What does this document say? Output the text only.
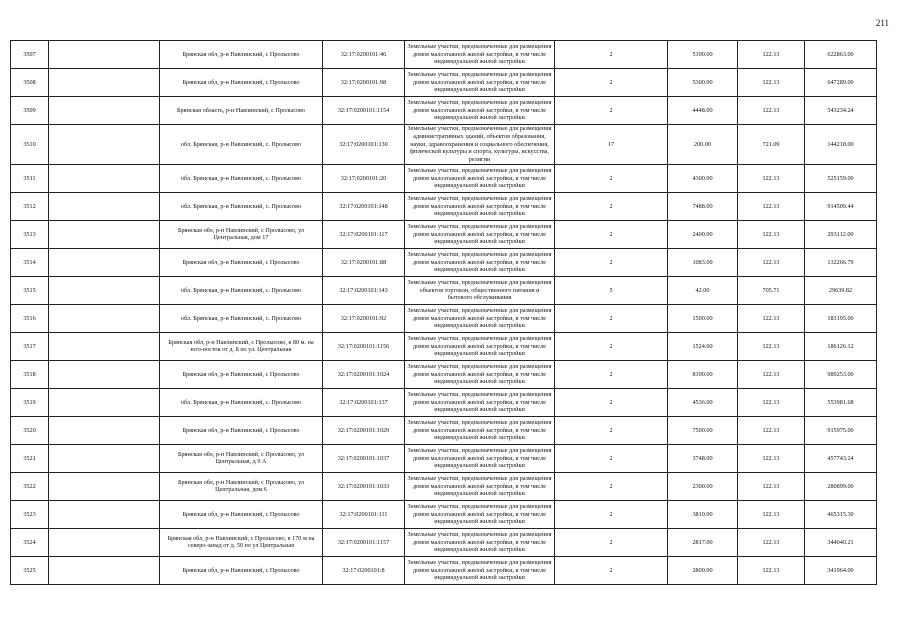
211
3507		Брянская обл, р-н Навлинский, с Пролысово	32:17:0200101:46	Земельные участки, предназначенные для размещения домов малоэтажной жилой застройки, в том числе индивидуальной жилой застройки	2	5100.00	122.13	622863.00
3508		Брянская обл, р-н Навлинский, с Пролысово	32:17:0200101:98	Земельные участки, предназначенные для размещения домов малоэтажной жилой застройки, в том числе индивидуальной жилой застройки	2	5300.00	122.13	647289.00
3509		Брянская область, р-н Навлинский, с Пролысово	32:17:0200101:1154	Земельные участки, предназначенные для размещения домов малоэтажной жилой застройки, в том числе индивидуальной жилой застройки	2	4448.00	122.13	543234.24
3510		обл. Брянская, р-н Навлинский, с. Пролысово	32:17:0200101:130	Земельные участки, предназначенные для размещения административных зданий, объектов образования, науки, здравоохранения и социального обеспечения, физической культуры и спорта, культуры, искусства, религии	17	200.00	721.09	144218.00
3511		обл. Брянская, р-н Навлинский, с. Пролысово	32:17:0200101:20	Земельные участки, предназначенные для размещения домов малоэтажной жилой застройки, в том числе индивидуальной жилой застройки	2	4300.00	122.13	525159.00
3512		обл. Брянская, р-н Навлинский, с. Пролысово	32:17:0200101:148	Земельные участки, предназначенные для размещения домов малоэтажной жилой застройки, в том числе индивидуальной жилой застройки	2	7488.00	122.13	914509.44
3513		Брянская обл, р-н Навлинский, с Пролысово, ул Центральная, дом 17	32:17:0200101:117	Земельные участки, предназначенные для размещения домов малоэтажной жилой застройки, в том числе индивидуальной жилой застройки	2	2400.00	122.13	293112.00
3514		Брянская обл, р-н Навлинский, с Пролысово	32:17:0200101:88	Земельные участки, предназначенные для размещения домов малоэтажной жилой застройки, в том числе индивидуальной жилой застройки	2	1083.00	122.13	132266.79
3515		обл. Брянская, р-н Навлинский, с. Пролысово	32:17:0200101:143	Земельные участки, предназначенные для размещения объектов торговли, общественного питания и бытового обслуживания	5	42.00	705.71	29639.82
3516		обл. Брянская, р-н Навлинский, с. Пролысово	32:17:0200101:92	Земельные участки, предназначенные для размещения домов малоэтажной жилой застройки, в том числе индивидуальной жилой застройки	2	1500.00	122.13	183195.00
3517		Брянская обл, р-н Навлинский, с Пролысово, в 80 м. на юго-восток от д. 8 по ул. Центральная	32:17:0200101:1156	Земельные участки, предназначенные для размещения домов малоэтажной жилой застройки, в том числе индивидуальной жилой застройки	2	1524.00	122.13	186126.12
3518		Брянская обл, р-н Навлинский, с Пролысово	32:17:0200101:1024	Земельные участки, предназначенные для размещения домов малоэтажной жилой застройки, в том числе индивидуальной жилой застройки	2	8100.00	122.13	989253.00
3519		обл. Брянская, р-н Навлинский, с. Пролысово	32:17:0200101:137	Земельные участки, предназначенные для размещения домов малоэтажной жилой застройки, в том числе индивидуальной жилой застройки	2	4536.00	122.13	553981.68
3520		Брянская обл, р-н Навлинский, с Пролысово	32:17:0200101:1029	Земельные участки, предназначенные для размещения домов малоэтажной жилой застройки, в том числе индивидуальной жилой застройки	2	7500.00	122.13	915975.00
3521		Брянская обл, р-н Навлинский, с Пролысово, ул Центральная, д 9 А	32:17:0200101:1037	Земельные участки, предназначенные для размещения домов малоэтажной жилой застройки, в том числе индивидуальной жилой застройки	2	3748.00	122.13	457743.24
3522		Брянская обл, р-н Навлинский, с Пролысово, ул Центральная, дом 6	32:17:0200101:1033	Земельные участки, предназначенные для размещения домов малоэтажной жилой застройки, в том числе индивидуальной жилой застройки	2	2300.00	122.13	280899.00
3523		Брянская обл, р-н Навлинский, с Пролысово	32:17:0200101:111	Земельные участки, предназначенные для размещения домов малоэтажной жилой застройки, в том числе индивидуальной жилой застройки	2	3810.00	122.13	465315.30
3524		Брянская обл, р-н Навлинский, с Пролысово, в 170 м на северо-запад от д. 50 по ул Центральная	32:17:0200101:1157	Земельные участки, предназначенные для размещения домов малоэтажной жилой застройки, в том числе индивидуальной жилой застройки	2	2817.00	122.13	344040.21
3525		Брянская обл, р-н Навлинский, с Пролысово	32:17:0200101:8	Земельные участки, предназначенные для размещения домов малоэтажной жилой застройки, в том числе индивидуальной жилой застройки	2	2800.00	122.13	341964.00
